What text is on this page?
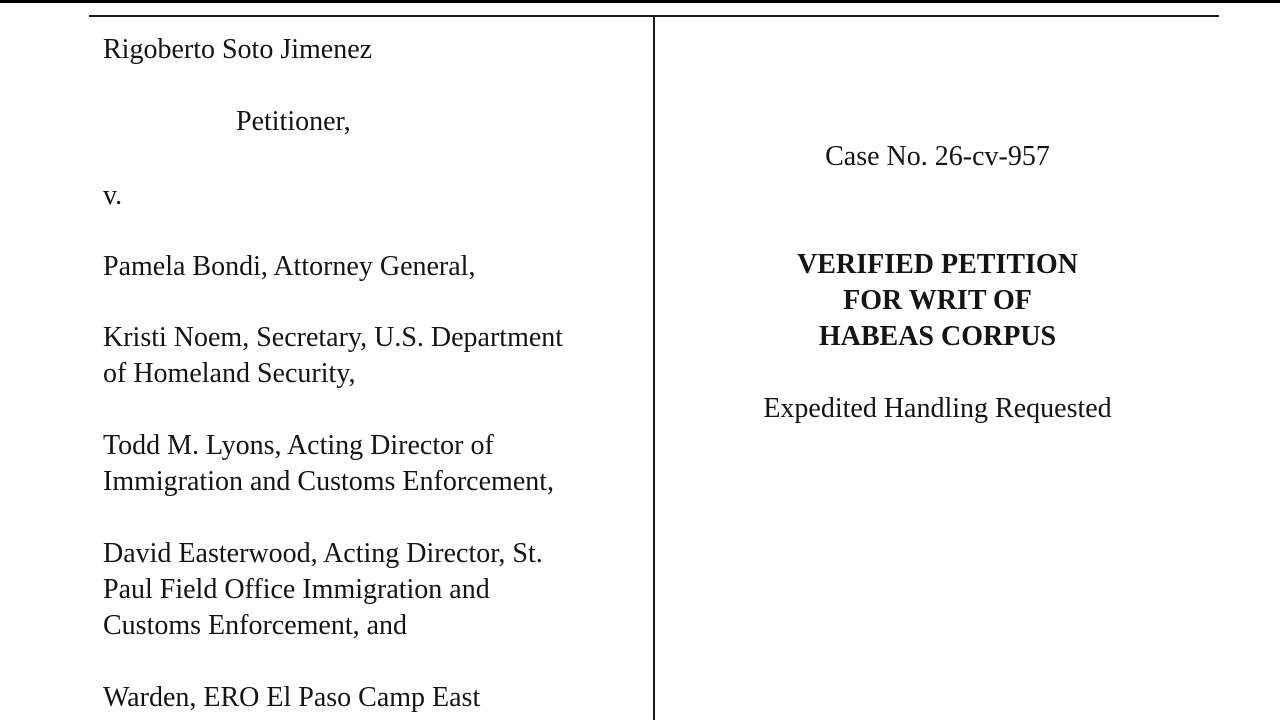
Rigoberto Soto Jimenez
Petitioner,
v.
Pamela Bondi, Attorney General,
Kristi Noem, Secretary, U.S. Department
of Homeland Security,
Todd M. Lyons, Acting Director of
Immigration and Customs Enforcement,
David Easterwood, Acting Director, St.
Paul Field Office Immigration and
Customs Enforcement, and
Warden, ERO El Paso Camp East
Case No. 26-cv-957
VERIFIED PETITION
FOR WRIT OF
HABEAS CORPUS
Expedited Handling Requested
